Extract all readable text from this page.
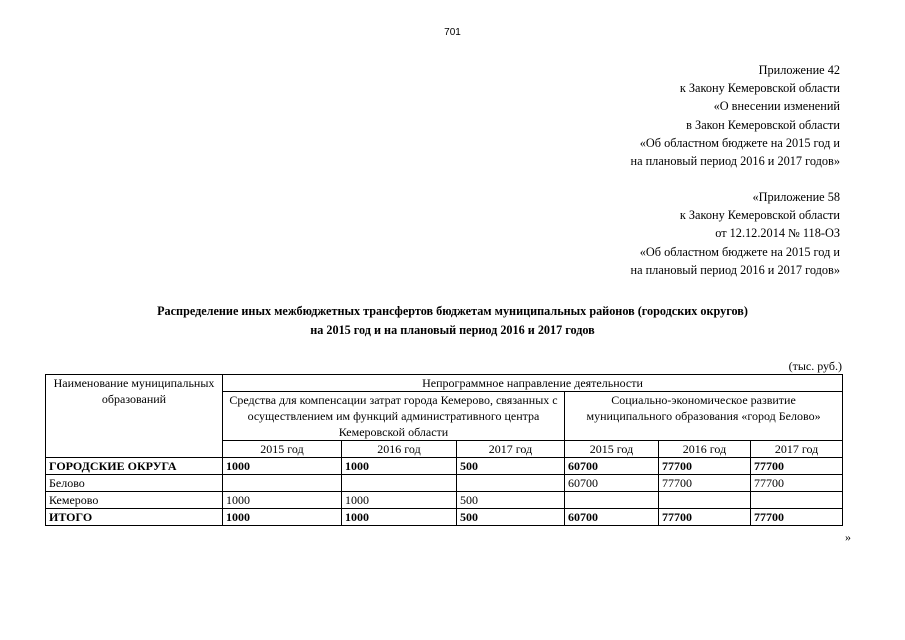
701
Приложение 42
к Закону Кемеровской области
«О внесении изменений
в Закон Кемеровской области
«Об областном бюджете на 2015 год и
на плановый период 2016 и 2017 годов»
«Приложение 58
к Закону Кемеровской области
от 12.12.2014 № 118-ОЗ
«Об областном бюджете на 2015 год и
на плановый период 2016 и 2017 годов»
Распределение иных межбюджетных трансфертов бюджетам муниципальных районов (городских округов)
на 2015 год и на плановый период 2016 и 2017 годов
(тыс. руб.)
Наименование муниципальных образований	Непрограммное направление деятельности					
	Средства для компенсации затрат города Кемерово, связанных с осуществлением им функций административного центра Кемеровской области			Социально-экономическое развитие муниципального образования «город Белово»		
	2015 год	2016 год	2017 год	2015 год	2016 год	2017 год
ГОРОДСКИЕ ОКРУГА	1000	1000	500	60700	77700	77700
Белово				60700	77700	77700
Кемерово	1000	1000	500			
ИТОГО	1000	1000	500	60700	77700	77700
»
